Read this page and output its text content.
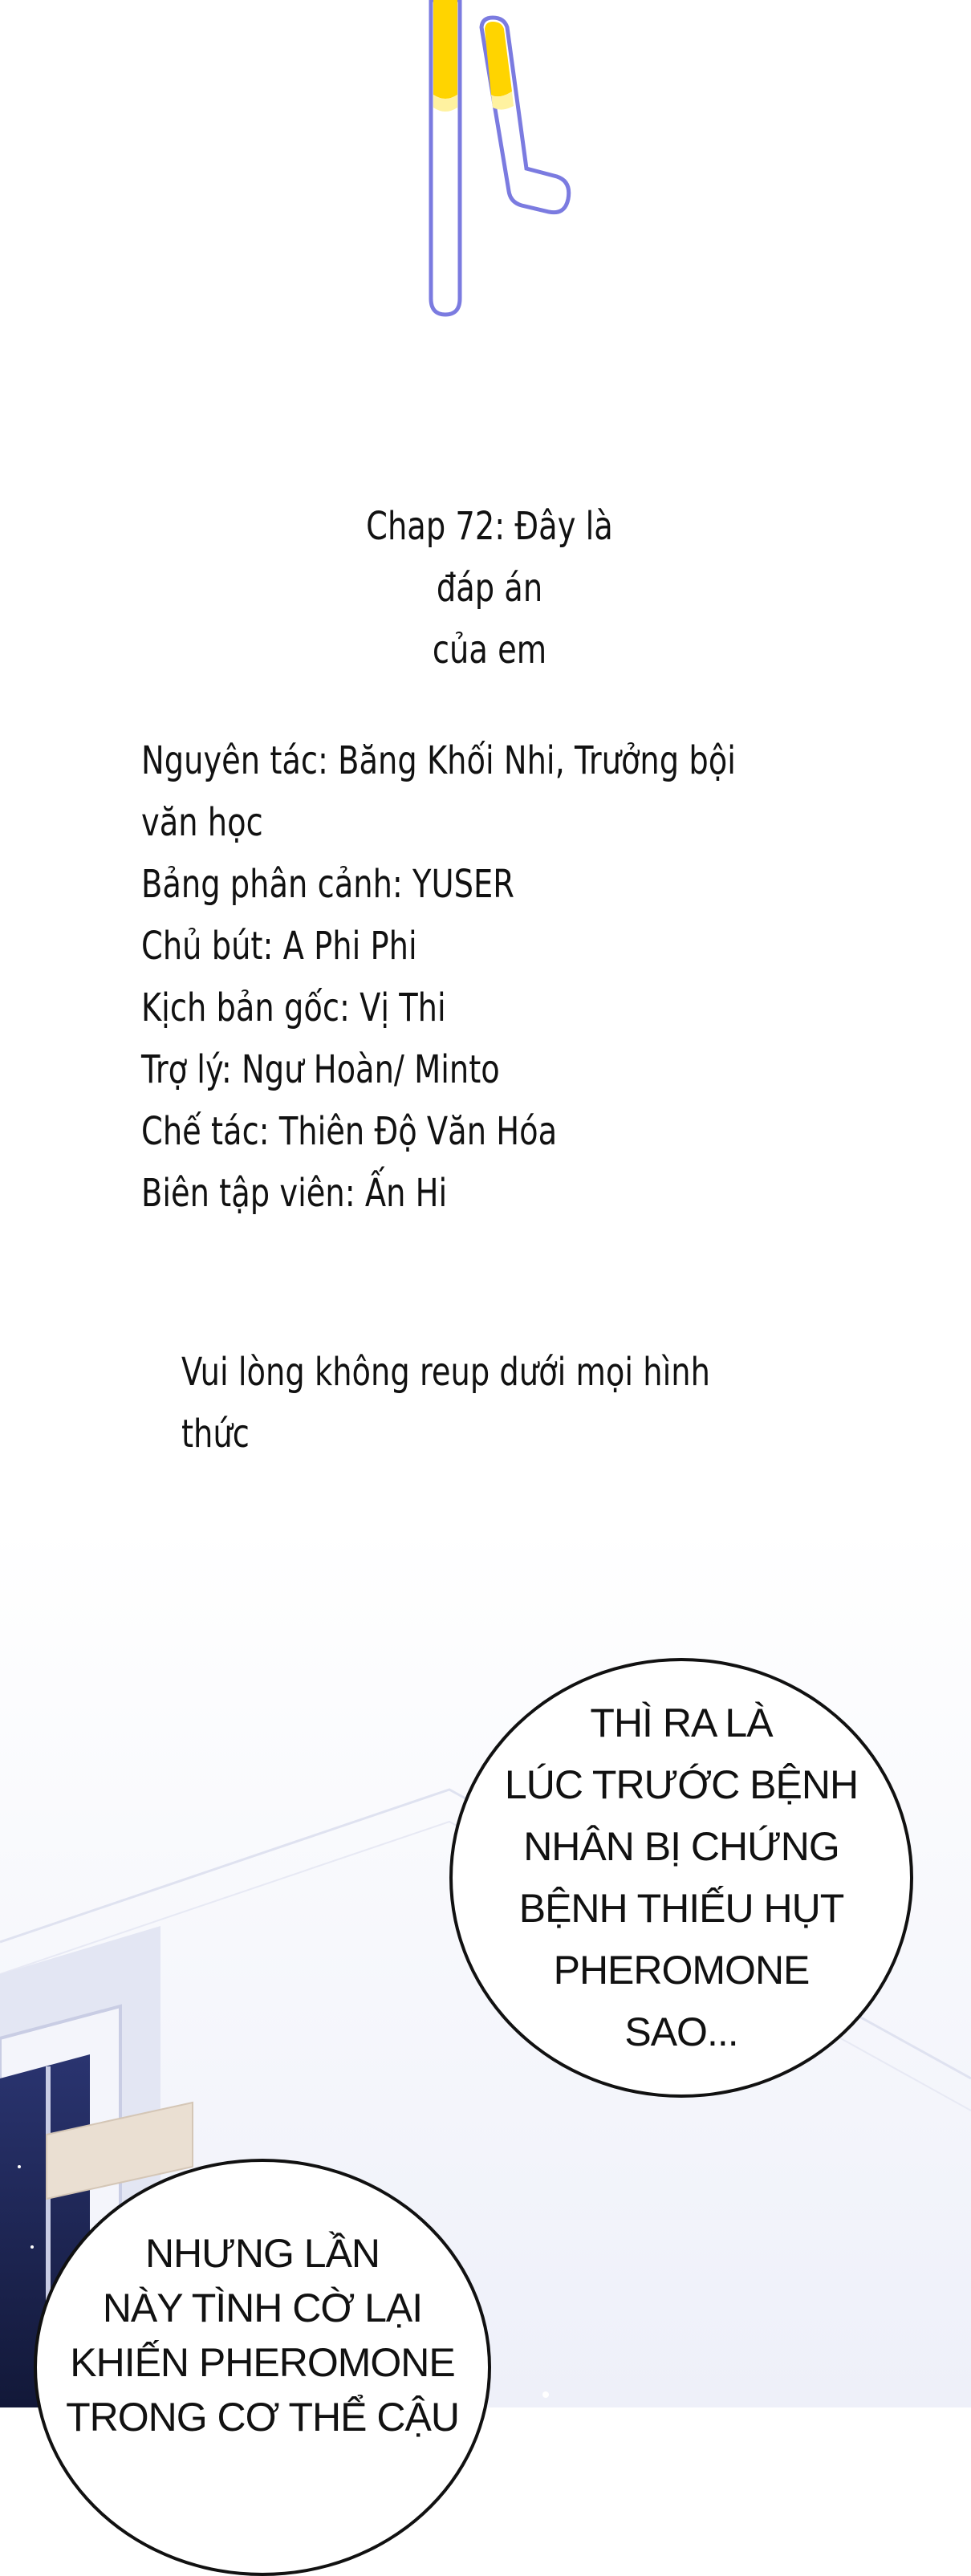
Chap 72: Đây là đáp án
của em
Nguyên tác: Băng Khối Nhi, Trưởng bội văn học
Bảng phân cảnh: YUSER
Chủ bút: A Phi Phi
Kịch bản gốc: Vị Thi
Trợ lý: Ngư Hoàn/ Minto
Chế tác: Thiên Độ Văn Hóa
Biên tập viên: Ấn Hi
Vui lòng không reup dưới mọi hình thức
THÌ RA LÀ
LÚC TRƯỚC BỆNH
NHÂN BỊ CHỨNG
BỆNH THIẾU HỤT
PHEROMONE
SAO...
NHƯNG LẦN
NÀY TÌNH CỜ LẠI
KHIẾN PHEROMONE
TRONG CƠ THỂ CẬU
